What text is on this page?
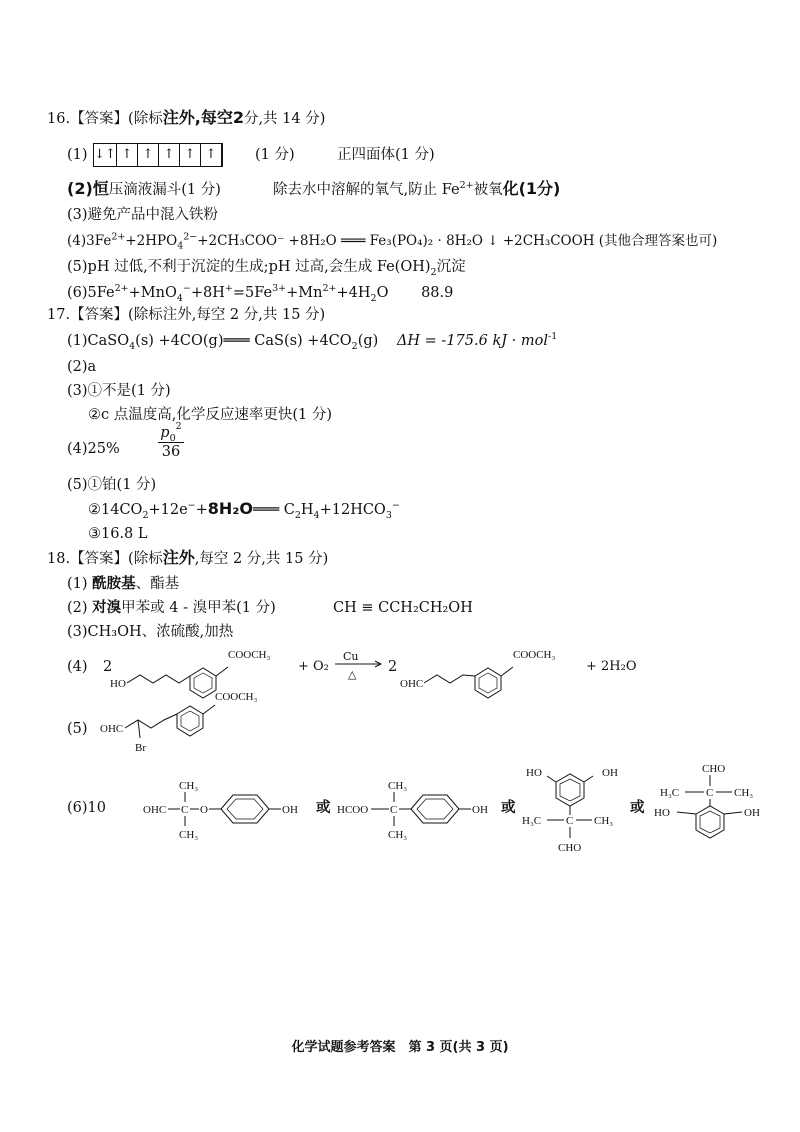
16.【答案】(除标注外,每空2分,共 14 分)
(1) ↓↑ ↑ ↑ ↑ ↑ ↑	(1 分)	正四面体(1 分)
(2)恒压滴液漏斗(1 分)	除去水中溶解的氧气,防止 $Fe^{2+}$被氧化(1分)
(3)避免产品中混入铁粉
$(4)3Fe^{2+}+2HPO_4^{2-}+2CH_3COO^- +8H_2O$ ═══ Fe₃(PO₄)₂ · 8H₂O ↓ +2CH₃COOH (其他合理答案也可)
(5)pH 过低,不利于沉淀的生成;pH 过高,会生成 $Fe(OH)_2$沉淀
$(6)5Fe^{2+}+MnO_4^-+8H^+=5Fe^{3+}+Mn^{2+}+4H_2O$ 88.9
17.【答案】(除标注外,每空 2 分,共 15 分)
(1)CaSO$_4$(s) +4CO(g)═══ $CaS(s) +4CO_2(g) \Delta H = -175.6$ kJ · mol$^{-1}$
(2)a
(3)①不是(1 分)
②c 点温度高,化学反应速率更快(1 分)
(4)25%	$\frac{p_0^2}{36}$
(5)①铂(1 分)
$②14CO_2+12e^-+8H_2O═══$ $C_2H_4+12HCO_3^-$
③16.8 L
18.【答案】(除标注外,每空 2 分,共 15 分)
(1) 酰胺基、酯基
(2) 对溴甲苯或 4 - 溴甲苯(1 分)	CH ≡ CCH₂CH₂OH
(3)CH₃OH、浓硫酸,加热
(4) 2
HO
COOCH₃
+ O₂ →
Cu
△ 2
OHC
COOCH₃
+ 2H₂O
(5) OHC
Br
COOCH₃
(6)10	OHC C
CH₃
CH₃
O	OH 或 HCOO C
CH₃
CH₃
OH 或
HO	OH
H₃C C CH₃
CHO
或
CHO
H₃C C CH₃
HO	OH
化学试题参考答案　第 3 页(共 3 页)
